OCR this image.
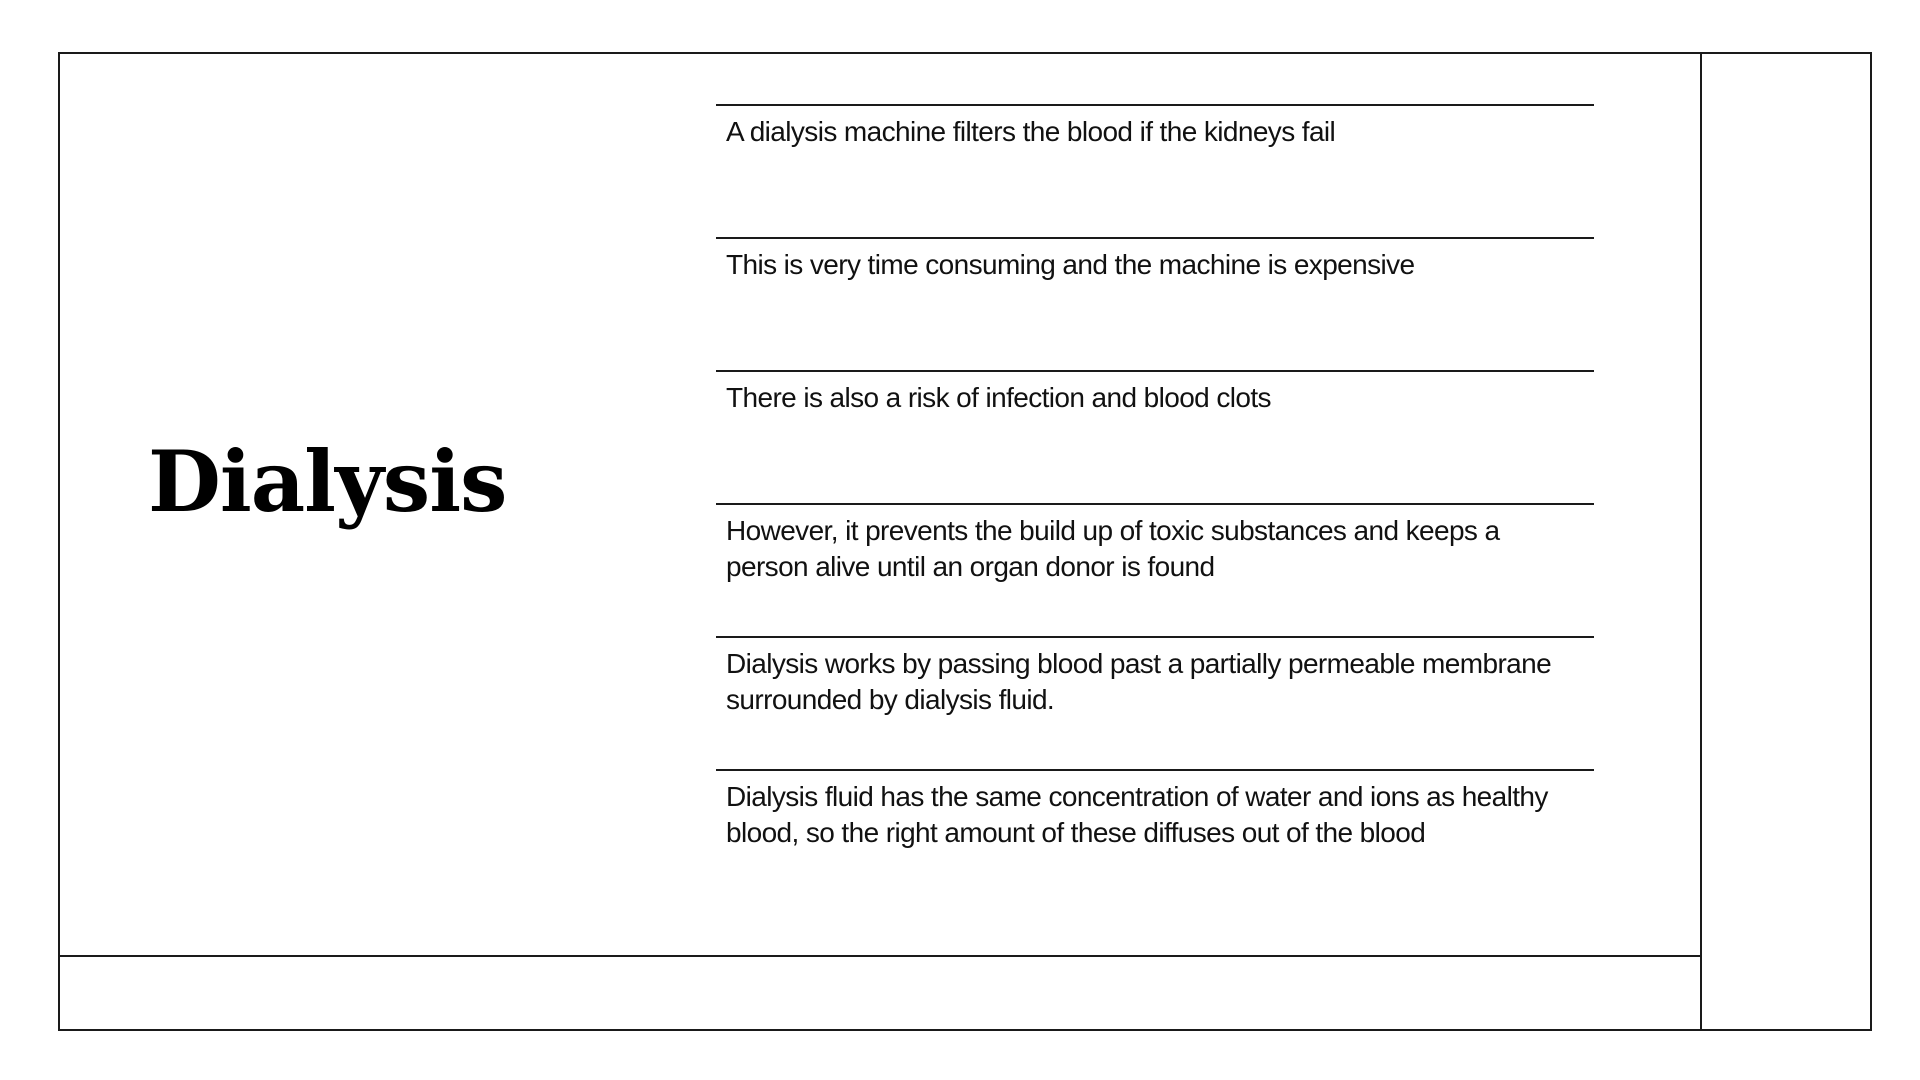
Dialysis
A dialysis machine filters the blood if the kidneys fail
This is very time consuming and the machine is expensive
There is also a risk of infection and blood clots
However, it prevents the build up of toxic substances and keeps a person alive until an organ donor is found
Dialysis works by passing blood past a partially permeable membrane surrounded by dialysis fluid.
Dialysis fluid has the same concentration of water and ions as healthy blood, so the right amount of these diffuses out of the blood
